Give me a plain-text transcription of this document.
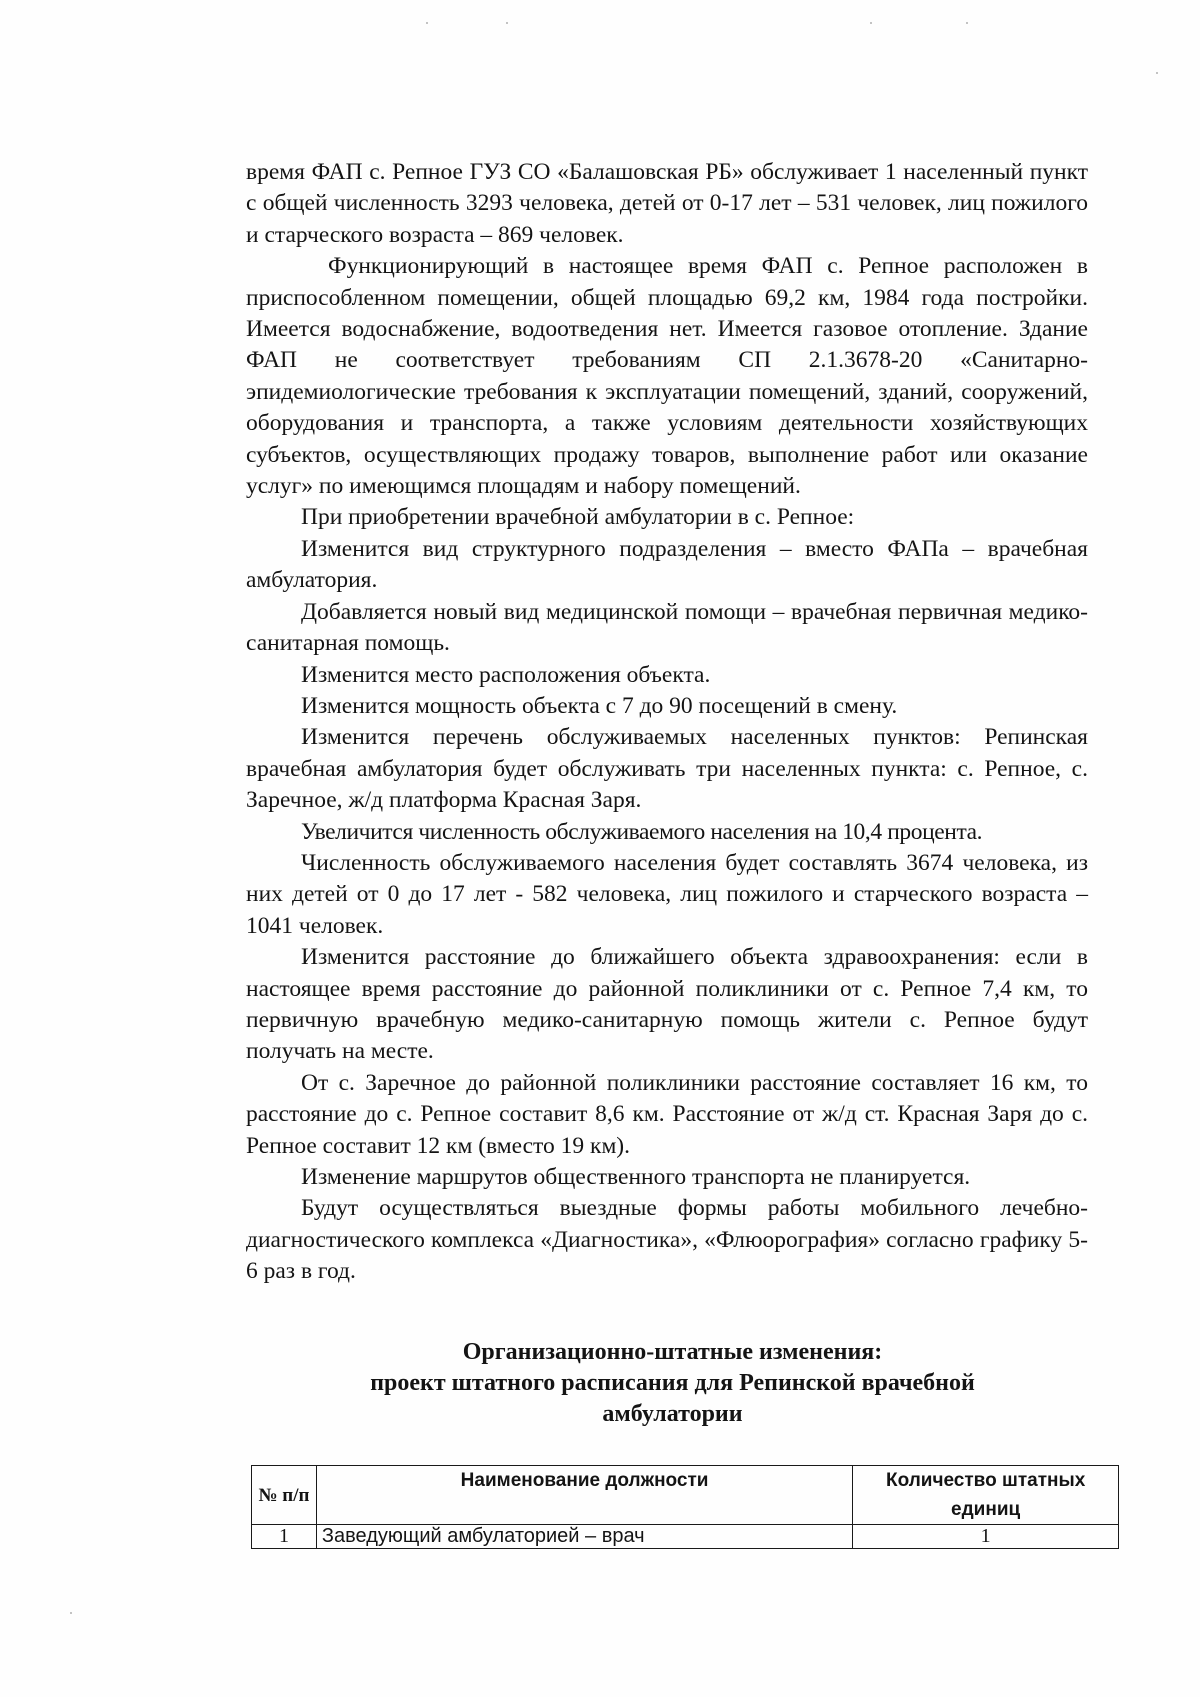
время ФАП с. Репное ГУЗ СО «Балашовская РБ» обслуживает 1 населенный пункт с общей численность 3293 человека, детей от 0-17 лет – 531 человек, лиц пожилого и старческого возраста – 869 человек.

Функционирующий в настоящее время ФАП с. Репное расположен в приспособленном помещении, общей площадью 69,2 км, 1984 года постройки. Имеется водоснабжение, водоотведения нет. Имеется газовое отопление. Здание ФАП не соответствует требованиям СП 2.1.3678-20 «Санитарно-эпидемиологические требования к эксплуатации помещений, зданий, сооружений, оборудования и транспорта, а также условиям деятельности хозяйствующих субъектов, осуществляющих продажу товаров, выполнение работ или оказание услуг» по имеющимся площадям и набору помещений.

При приобретении врачебной амбулатории в с. Репное:

Изменится вид структурного подразделения – вместо ФАПа – врачебная амбулатория.

Добавляется новый вид медицинской помощи – врачебная первичная медико-санитарная помощь.

Изменится место расположения объекта.

Изменится мощность объекта с 7 до 90 посещений в смену.

Изменится перечень обслуживаемых населенных пунктов: Репинская врачебная амбулатория будет обслуживать три населенных пункта: с. Репное, с. Заречное, ж/д платформа Красная Заря.

Увеличится численность обслуживаемого населения на 10,4 процента.

Численность обслуживаемого населения будет составлять 3674 человека, из них детей от 0 до 17 лет - 582 человека, лиц пожилого и старческого возраста – 1041 человек.

Изменится расстояние до ближайшего объекта здравоохранения: если в настоящее время расстояние до районной поликлиники от с. Репное 7,4 км, то первичную врачебную медико-санитарную помощь жители с. Репное будут получать на месте.

От с. Заречное до районной поликлиники расстояние составляет 16 км, то расстояние до с. Репное составит 8,6 км. Расстояние от ж/д ст. Красная Заря до с. Репное составит 12 км (вместо 19 км).

Изменение маршрутов общественного транспорта не планируется.

Будут осуществляться выездные формы работы мобильного лечебно-диагностического комплекса «Диагностика», «Флюорография» согласно графику 5-6 раз в год.

Организационно-штатные изменения:
проект штатного расписания для Репинской врачебной
амбулатории
№ п/п	Наименование должности	Количество штатных единиц
1	Заведующий амбулаторией – врач	1
